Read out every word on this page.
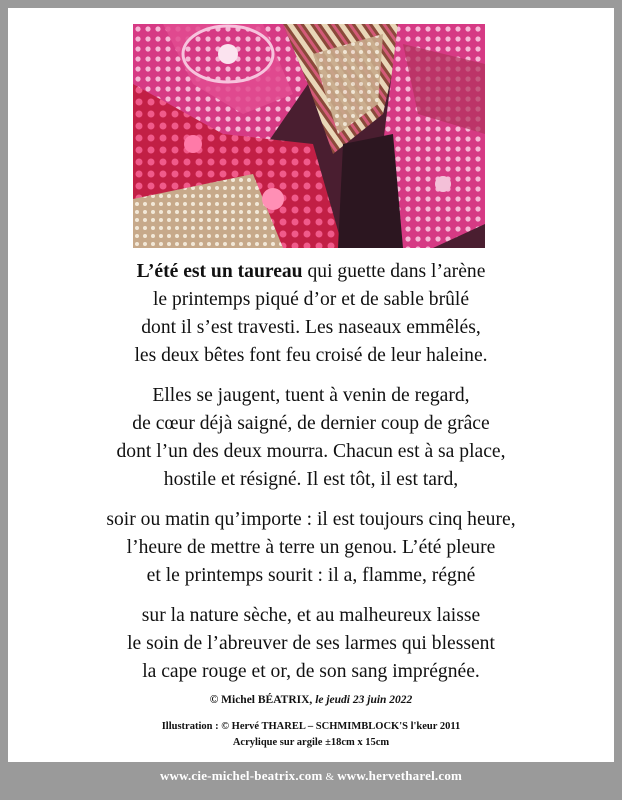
L’été est un taureau qui guette dans l’arène
le printemps piqué d’or et de sable brûlé
dont il s’est travesti. Les naseaux emmêlés,
les deux bêtes font feu croisé de leur haleine.
Elles se jaugent, tuent à venin de regard,
de cœur déjà saigné, de dernier coup de grâce
dont l’un des deux mourra. Chacun est à sa place,
hostile et résigné. Il est tôt, il est tard,
soir ou matin qu’importe : il est toujours cinq heure,
l’heure de mettre à terre un genou. L’été pleure
et le printemps sourit : il a, flamme, régné
sur la nature sèche, et au malheureux laisse
le soin de l’abreuver de ses larmes qui blessent
la cape rouge et or, de son sang imprégnée.
© Michel BÉATRIX, le jeudi 23 juin 2022
Illustration : © Hervé THAREL – SCHMIMBLOCK'S l'keur 2011
Acrylique sur argile ±18cm x 15cm
www.cie-michel-beatrix.com & www.hervetharel.com
